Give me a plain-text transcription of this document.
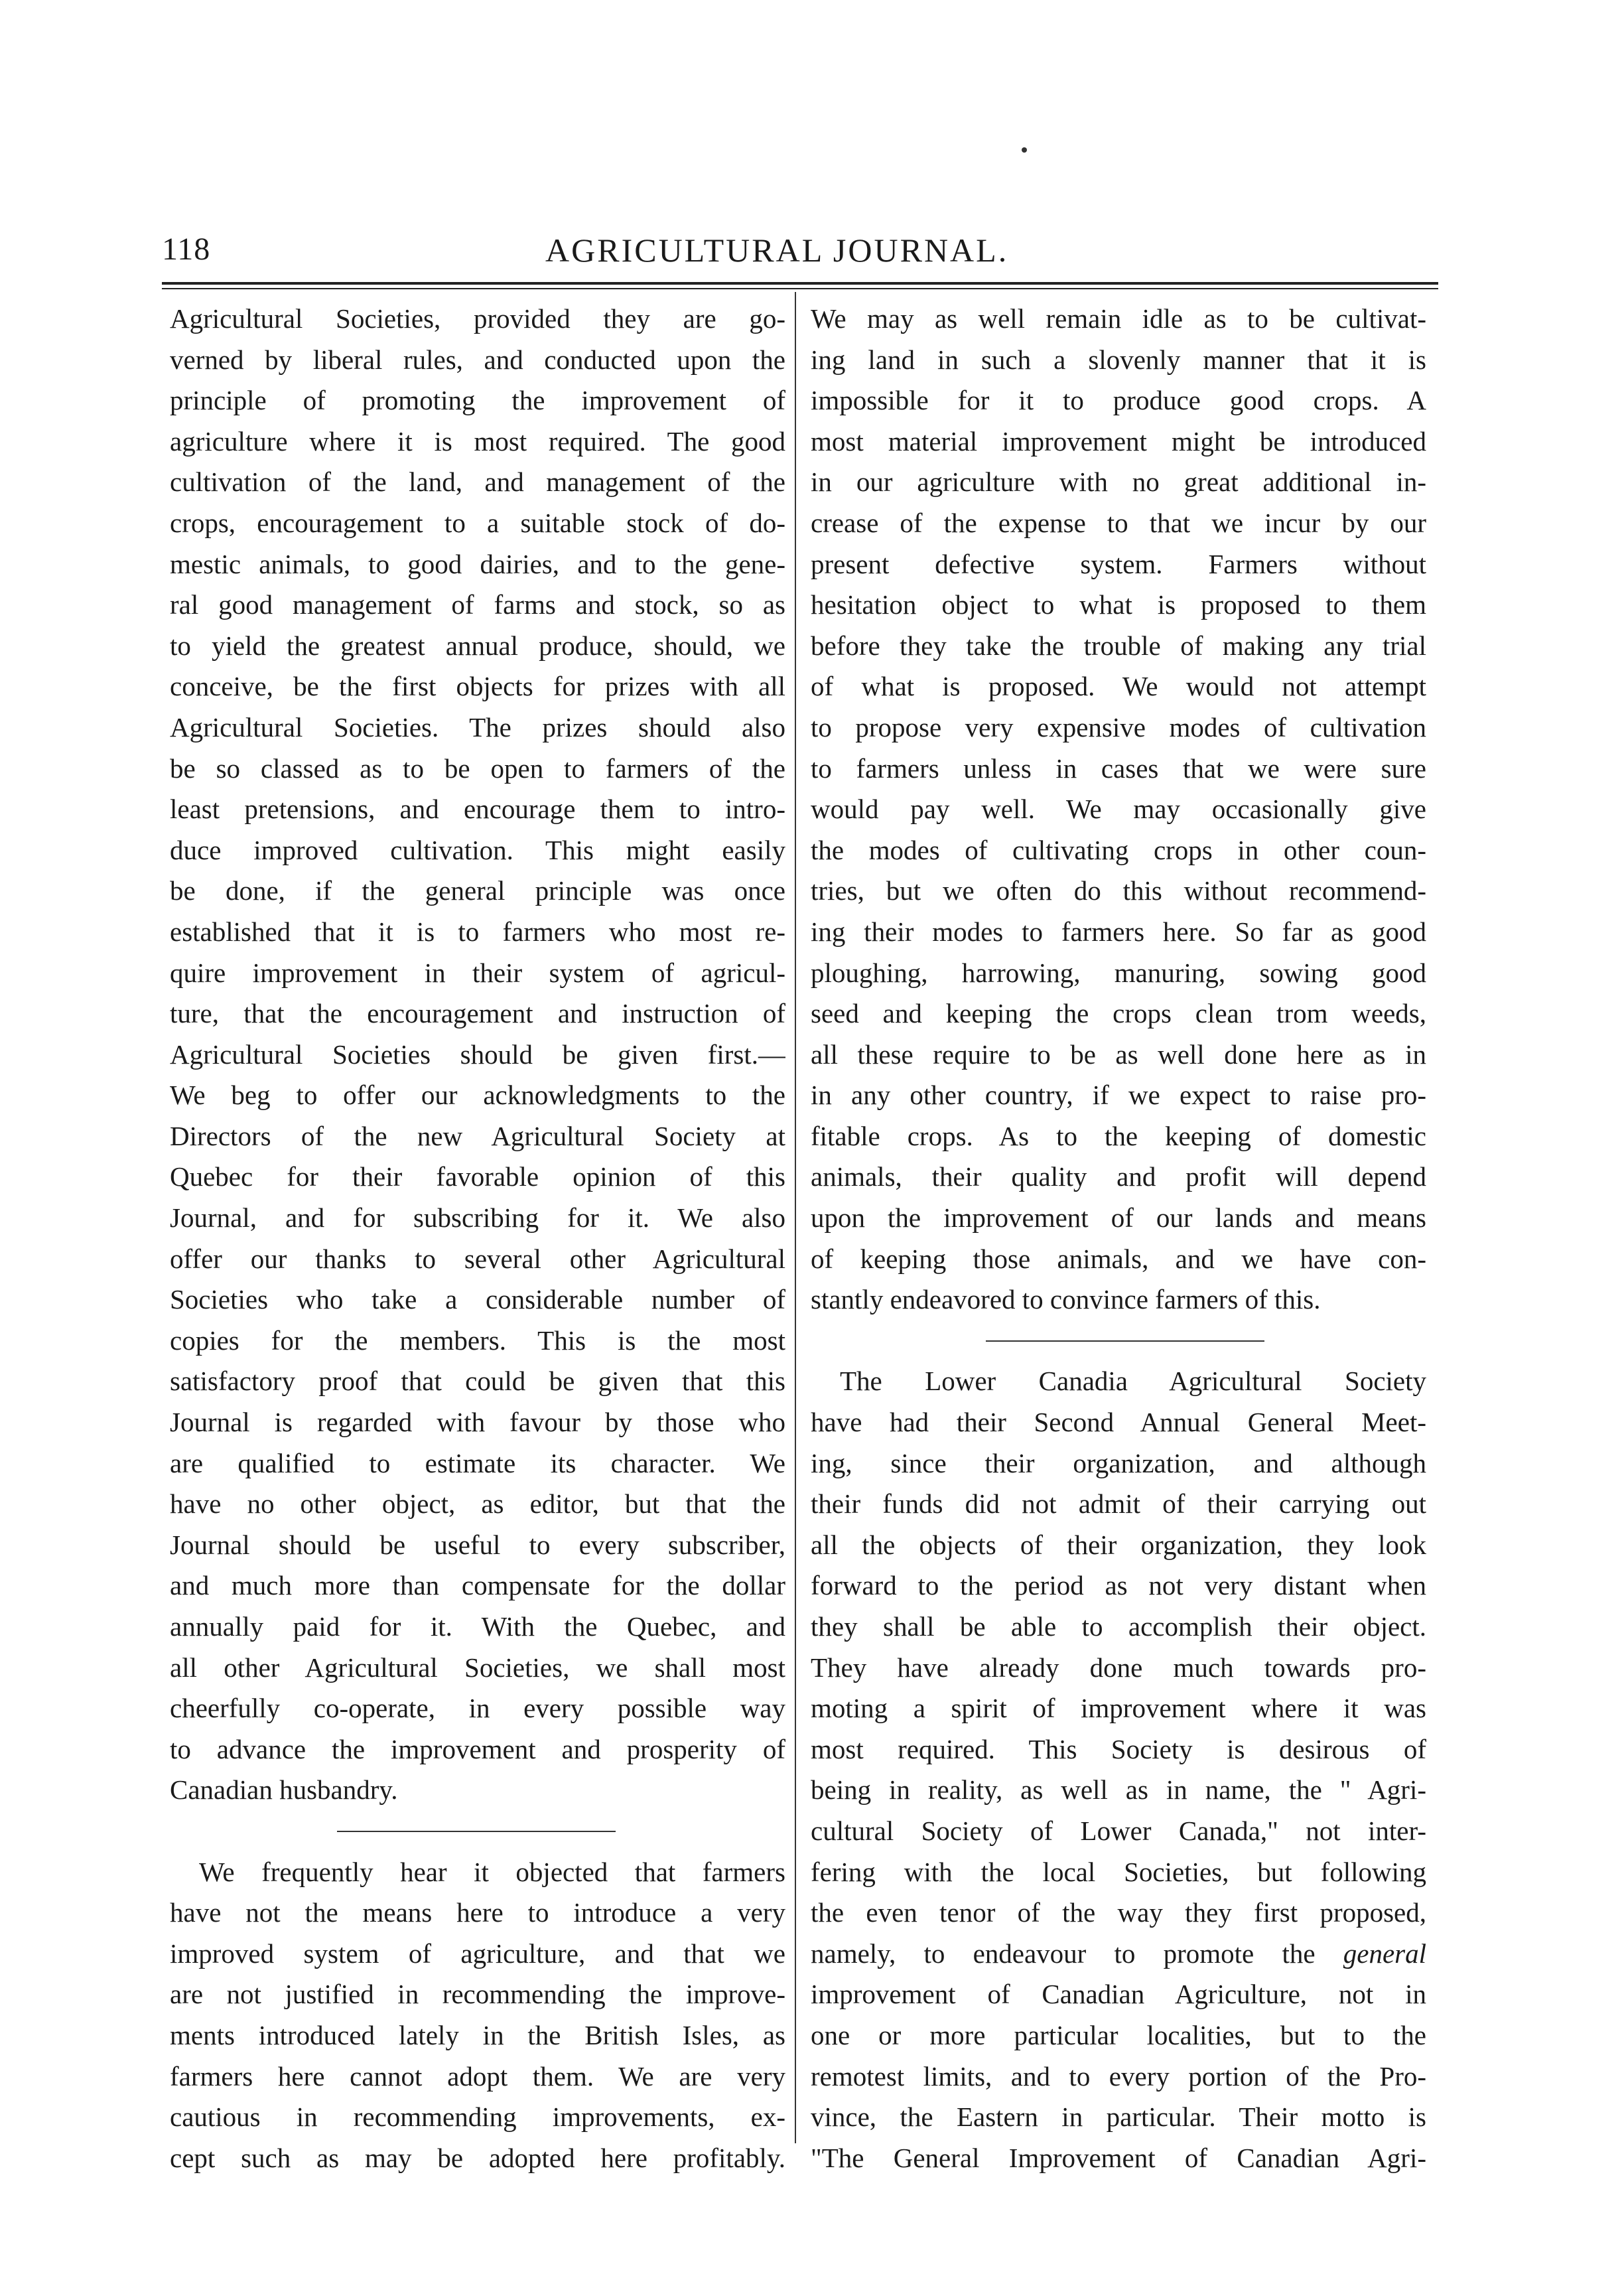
118	AGRICULTURAL JOURNAL.
Agricultural Societies, provided they are go-
verned by liberal rules, and conducted upon the
principle of promoting the improvement of
agriculture where it is most required. The good
cultivation of the land, and management of the
crops, encouragement to a suitable stock of do-
mestic animals, to good dairies, and to the gene-
ral good management of farms and stock, so as
to yield the greatest annual produce, should, we
conceive, be the first objects for prizes with all
Agricultural Societies. The prizes should also
be so classed as to be open to farmers of the
least pretensions, and encourage them to intro-
duce improved cultivation. This might easily
be done, if the general principle was once
established that it is to farmers who most re-
quire improvement in their system of agricul-
ture, that the encouragement and instruction of
Agricultural Societies should be given first.—
We beg to offer our acknowledgments to the
Directors of the new Agricultural Society at
Quebec for their favorable opinion of this
Journal, and for subscribing for it. We also
offer our thanks to several other Agricultural
Societies who take a considerable number of
copies for the members. This is the most
satisfactory proof that could be given that this
Journal is regarded with favour by those who
are qualified to estimate its character. We
have no other object, as editor, but that the
Journal should be useful to every subscriber,
and much more than compensate for the dollar
annually paid for it. With the Quebec, and
all other Agricultural Societies, we shall most
cheerfully co-operate, in every possible way
to advance the improvement and prosperity of
Canadian husbandry.
We frequently hear it objected that farmers
have not the means here to introduce a very
improved system of agriculture, and that we
are not justified in recommending the improve-
ments introduced lately in the British Isles, as
farmers here cannot adopt them. We are very
cautious in recommending improvements, ex-
cept such as may be adopted here profitably.
We may as well remain idle as to be cultivat-
ing land in such a slovenly manner that it is
impossible for it to produce good crops. A
most material improvement might be introduced
in our agriculture with no great additional in-
crease of the expense to that we incur by our
present defective system. Farmers without
hesitation object to what is proposed to them
before they take the trouble of making any trial
of what is proposed. We would not attempt
to propose very expensive modes of cultivation
to farmers unless in cases that we were sure
would pay well. We may occasionally give
the modes of cultivating crops in other coun-
tries, but we often do this without recommend-
ing their modes to farmers here. So far as good
ploughing, harrowing, manuring, sowing good
seed and keeping the crops clean trom weeds,
all these require to be as well done here as in
in any other country, if we expect to raise pro-
fitable crops. As to the keeping of domestic
animals, their quality and profit will depend
upon the improvement of our lands and means
of keeping those animals, and we have con-
stantly endeavored to convince farmers of this.
The Lower Canadia Agricultural Society
have had their Second Annual General Meet-
ing, since their organization, and although
their funds did not admit of their carrying out
all the objects of their organization, they look
forward to the period as not very distant when
they shall be able to accomplish their object.
They have already done much towards pro-
moting a spirit of improvement where it was
most required. This Society is desirous of
being in reality, as well as in name, the " Agri-
cultural Society of Lower Canada," not inter-
fering with the local Societies, but following
the even tenor of the way they first proposed,
namely, to endeavour to promote the general
improvement of Canadian Agriculture, not in
one or more particular localities, but to the
remotest limits, and to every portion of the Pro-
vince, the Eastern in particular. Their motto is
"The General Improvement of Canadian Agri-
